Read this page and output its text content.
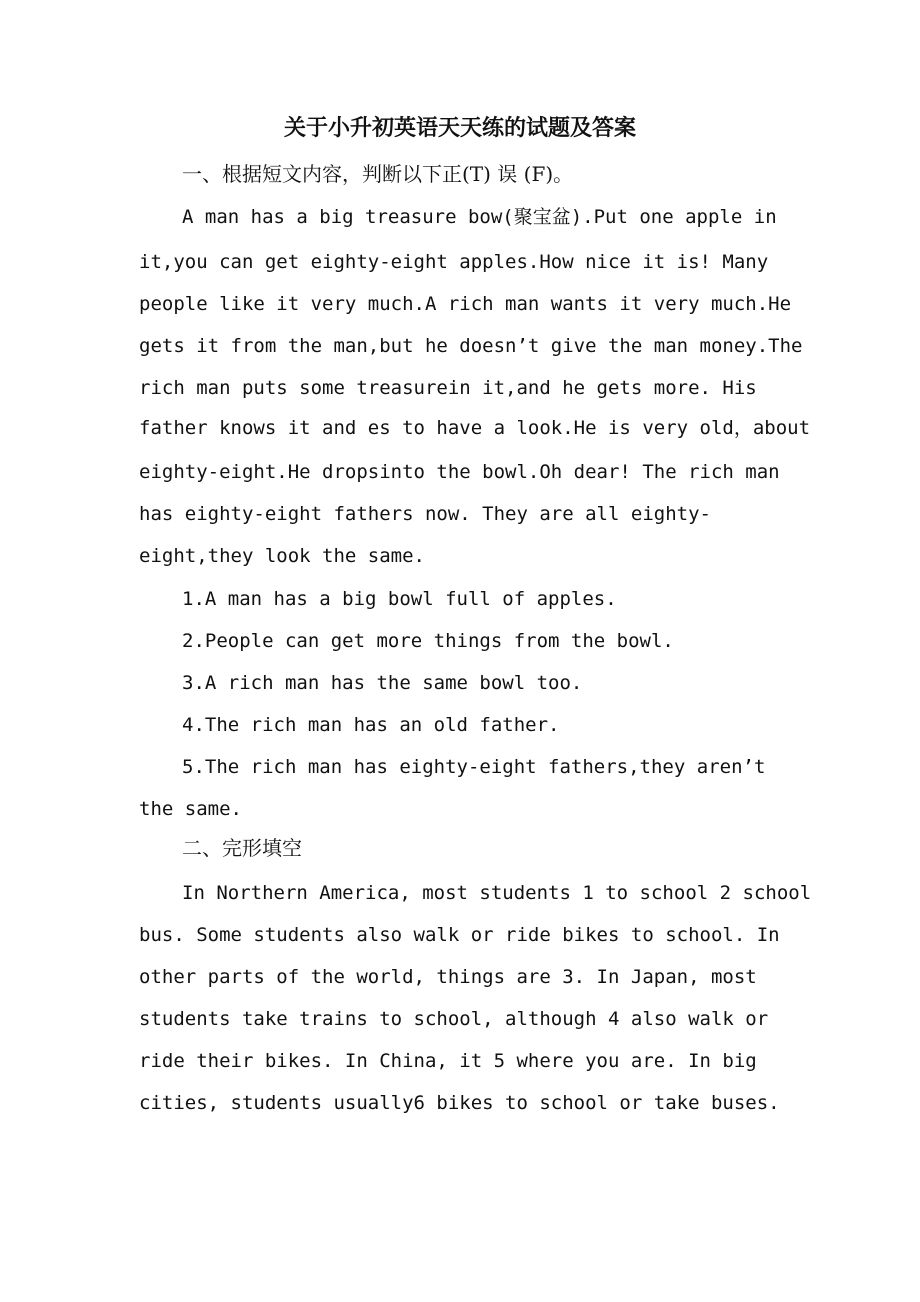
关于小升初英语天天练的试题及答案
一、根据短文内容，判断以下正(T) 误 (F)。
A man has a big treasure bow(聚宝盆).Put one apple in
it,you can get eighty-eight apples.How nice it is! Many
people like it very much.A rich man wants it very much.He
gets it from the man,but he doesn’t give the man money.The
rich man puts some treasurein it,and he gets more. His
father knows it and es to have a look.He is very old，about
eighty-eight.He dropsinto the bowl.Oh dear! The rich man
has eighty-eight fathers now. They are all eighty-
eight,they look the same.
1.A man has a big bowl full of apples.
2.People can get more things from the bowl.
3.A rich man has the same bowl too.
4.The rich man has an old father.
5.The rich man has eighty-eight fathers,they aren’t
the same.
二、完形填空
In Northern America, most students 1 to school 2 school
bus. Some students also walk or ride bikes to school. In
other parts of the world, things are 3. In Japan, most
students take trains to school, although 4 also walk or
ride their bikes. In China, it 5 where you are. In big
cities, students usually6 bikes to school or take buses.
